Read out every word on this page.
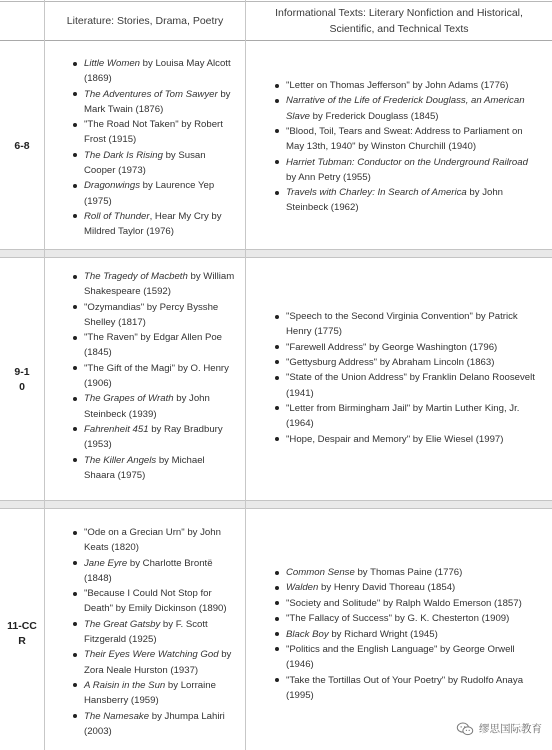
Literature: Stories, Drama, Poetry
Informational Texts: Literary Nonfiction and Historical, Scientific, and Technical Texts
6-8
9-10
11-CCR
Little Women by Louisa May Alcott (1869)
The Adventures of Tom Sawyer by Mark Twain (1876)
"The Road Not Taken" by Robert Frost (1915)
The Dark Is Rising by Susan Cooper (1973)
Dragonwings by Laurence Yep (1975)
Roll of Thunder, Hear My Cry by Mildred Taylor (1976)
"Letter on Thomas Jefferson" by John Adams (1776)
Narrative of the Life of Frederick Douglass, an American Slave by Frederick Douglass (1845)
"Blood, Toil, Tears and Sweat: Address to Parliament on May 13th, 1940" by Winston Churchill (1940)
Harriet Tubman: Conductor on the Underground Railroad by Ann Petry (1955)
Travels with Charley: In Search of America by John Steinbeck (1962)
The Tragedy of Macbeth by William Shakespeare (1592)
"Ozymandias" by Percy Bysshe Shelley (1817)
"The Raven" by Edgar Allen Poe (1845)
"The Gift of the Magi" by O. Henry (1906)
The Grapes of Wrath by John Steinbeck (1939)
Fahrenheit 451 by Ray Bradbury (1953)
The Killer Angels by Michael Shaara (1975)
"Speech to the Second Virginia Convention" by Patrick Henry (1775)
"Farewell Address" by George Washington (1796)
"Gettysburg Address" by Abraham Lincoln (1863)
"State of the Union Address" by Franklin Delano Roosevelt (1941)
"Letter from Birmingham Jail" by Martin Luther King, Jr. (1964)
"Hope, Despair and Memory" by Elie Wiesel (1997)
"Ode on a Grecian Urn" by John Keats (1820)
Jane Eyre by Charlotte Brontë (1848)
"Because I Could Not Stop for Death" by Emily Dickinson (1890)
The Great Gatsby by F. Scott Fitzgerald (1925)
Their Eyes Were Watching God by Zora Neale Hurston (1937)
A Raisin in the Sun by Lorraine Hansberry (1959)
The Namesake by Jhumpa Lahiri (2003)
Common Sense by Thomas Paine (1776)
Walden by Henry David Thoreau (1854)
"Society and Solitude" by Ralph Waldo Emerson (1857)
"The Fallacy of Success" by G. K. Chesterton (1909)
Black Boy by Richard Wright (1945)
"Politics and the English Language" by George Orwell (1946)
"Take the Tortillas Out of Your Poetry" by Rudolfo Anaya (1995)
缪思国际教育
